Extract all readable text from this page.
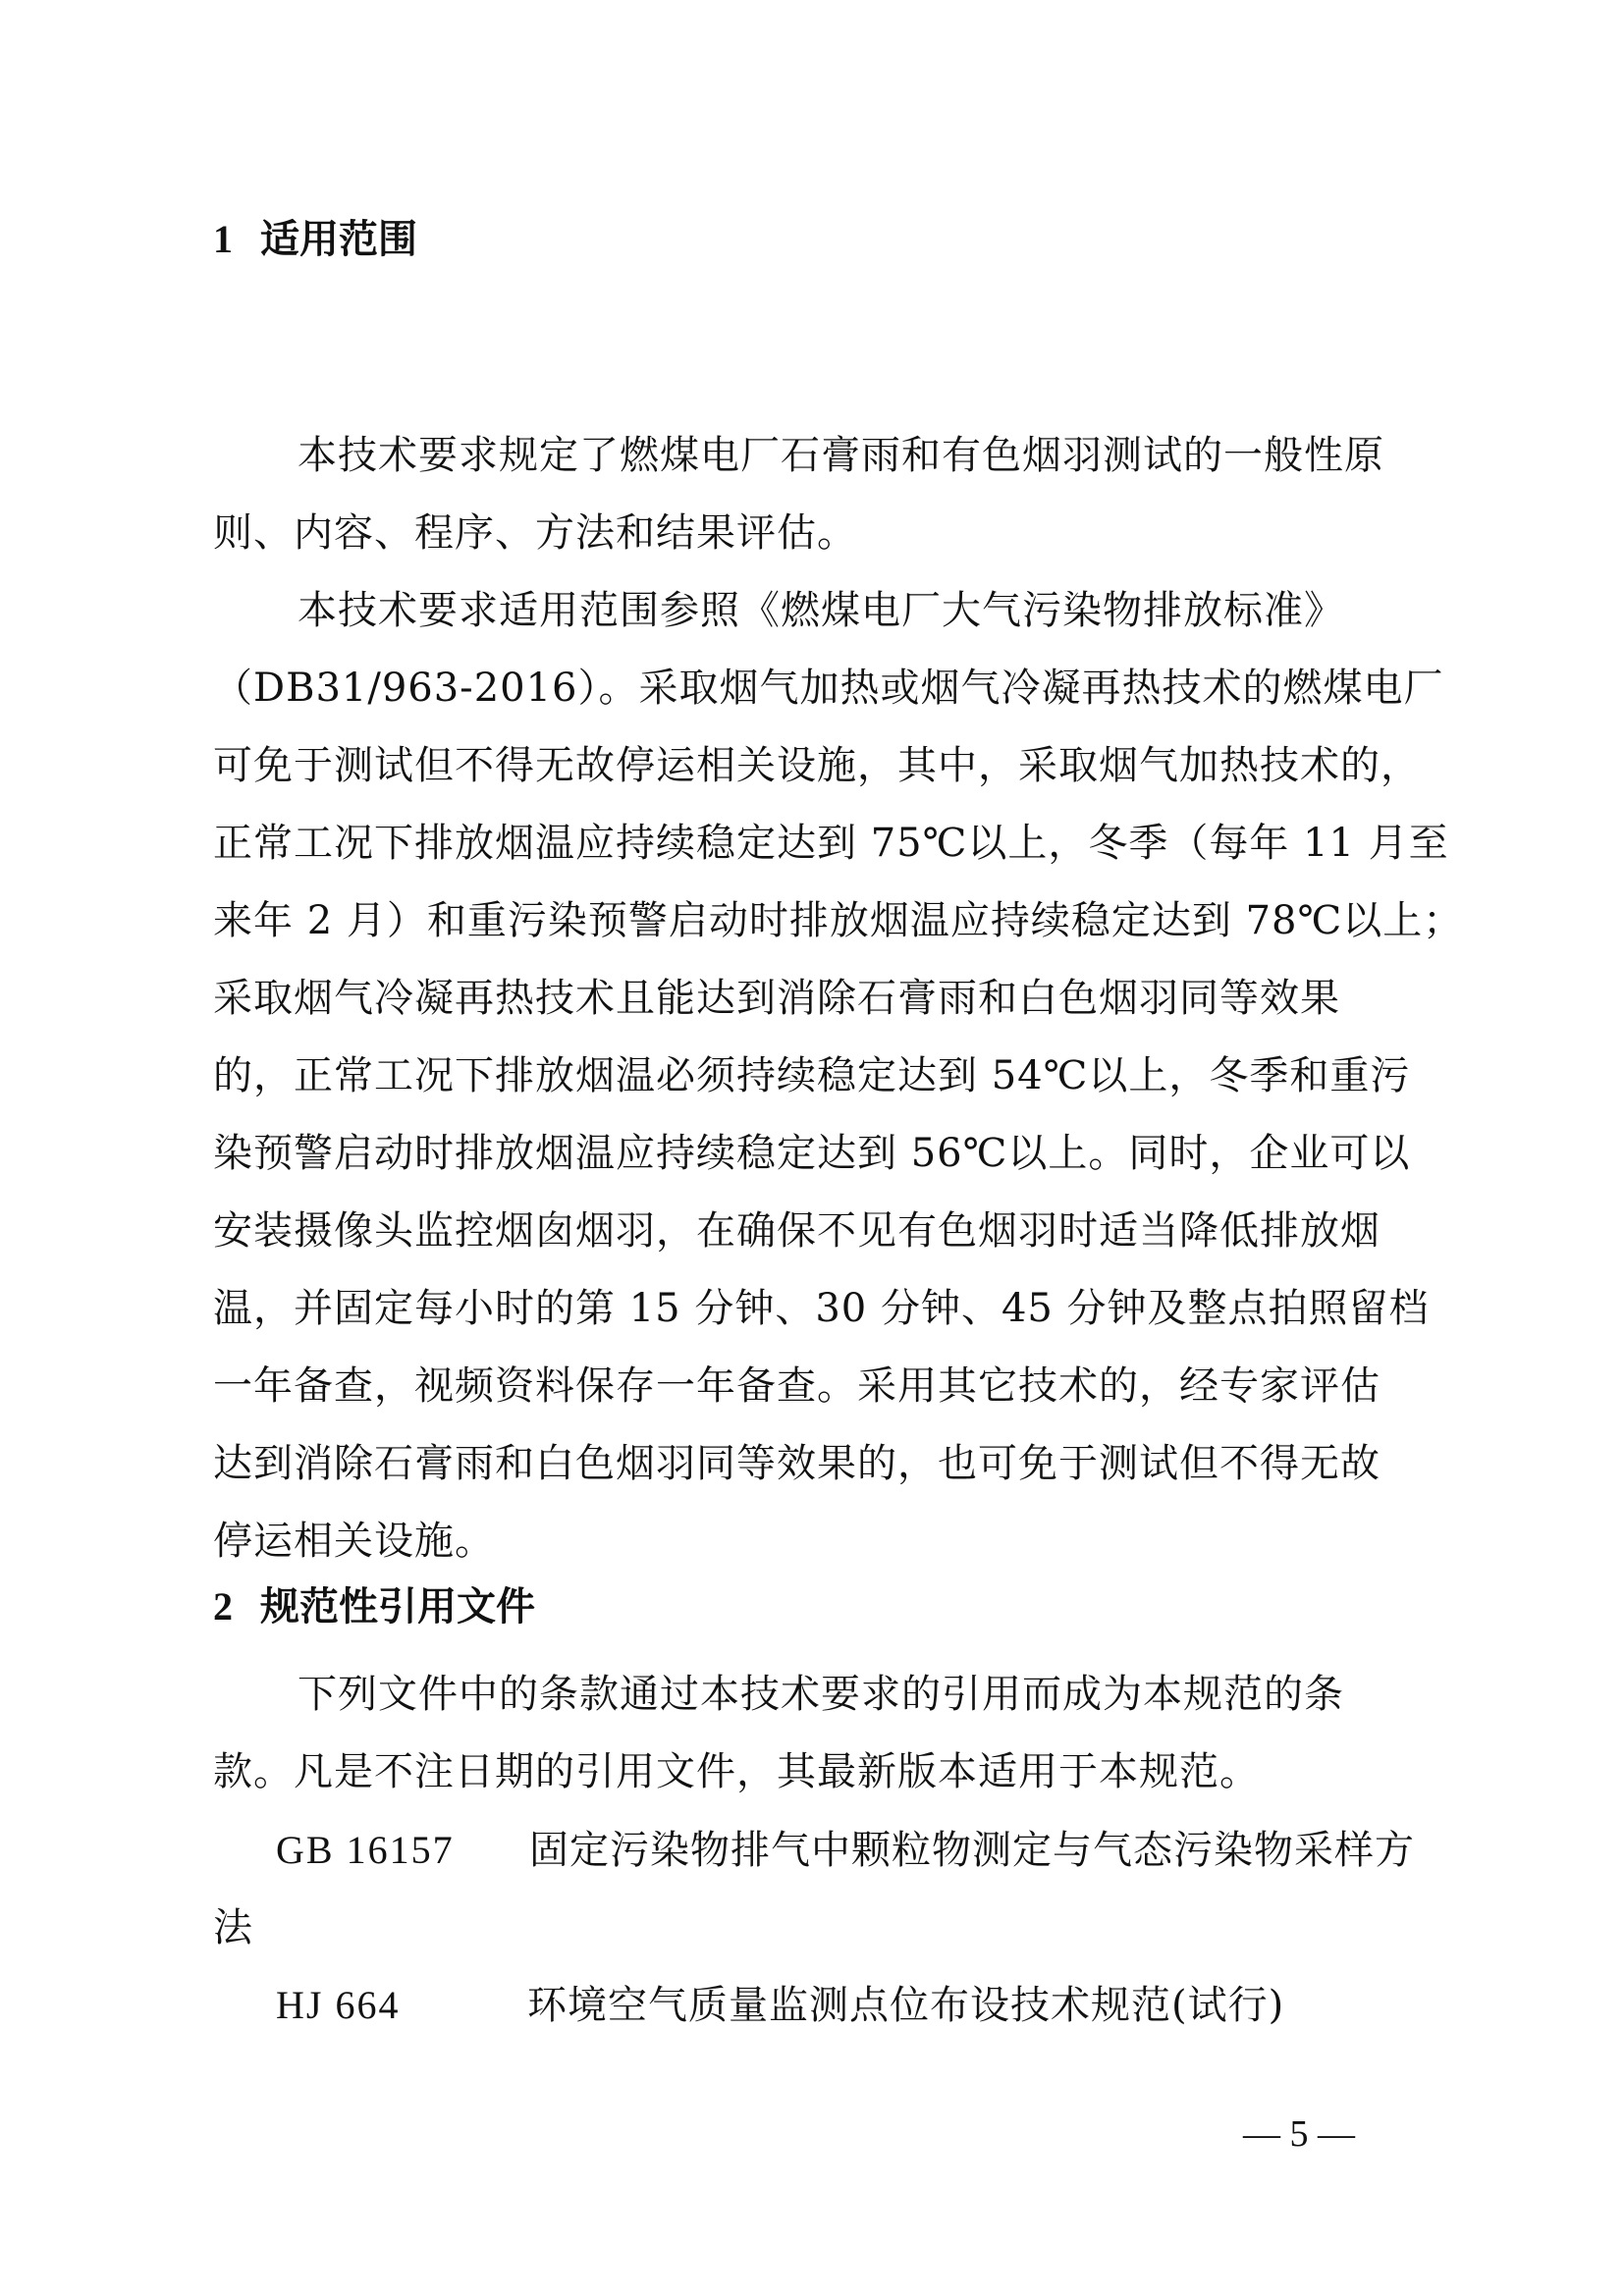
1 适用范围
本技术要求规定了燃煤电厂石膏雨和有色烟羽测试的一般性原
则、内容、程序、方法和结果评估。
本技术要求适用范围参照《燃煤电厂大气污染物排放标准》
（DB31/963-2016）。采取烟气加热或烟气冷凝再热技术的燃煤电厂
可免于测试但不得无故停运相关设施，其中，采取烟气加热技术的，
正常工况下排放烟温应持续稳定达到 75℃以上，冬季（每年 11 月至
来年 2 月）和重污染预警启动时排放烟温应持续稳定达到 78℃以上；
采取烟气冷凝再热技术且能达到消除石膏雨和白色烟羽同等效果
的，正常工况下排放烟温必须持续稳定达到 54℃以上，冬季和重污
染预警启动时排放烟温应持续稳定达到 56℃以上。同时，企业可以
安装摄像头监控烟囱烟羽，在确保不见有色烟羽时适当降低排放烟
温，并固定每小时的第 15 分钟、30 分钟、45 分钟及整点拍照留档
一年备查，视频资料保存一年备查。采用其它技术的，经专家评估
达到消除石膏雨和白色烟羽同等效果的，也可免于测试但不得无故
停运相关设施。
2 规范性引用文件
下列文件中的条款通过本技术要求的引用而成为本规范的条
款。凡是不注日期的引用文件，其最新版本适用于本规范。
GB 16157 固定污染物排气中颗粒物测定与气态污染物采样方
法
HJ 664	环境空气质量监测点位布设技术规范(试行)
— 5 —
